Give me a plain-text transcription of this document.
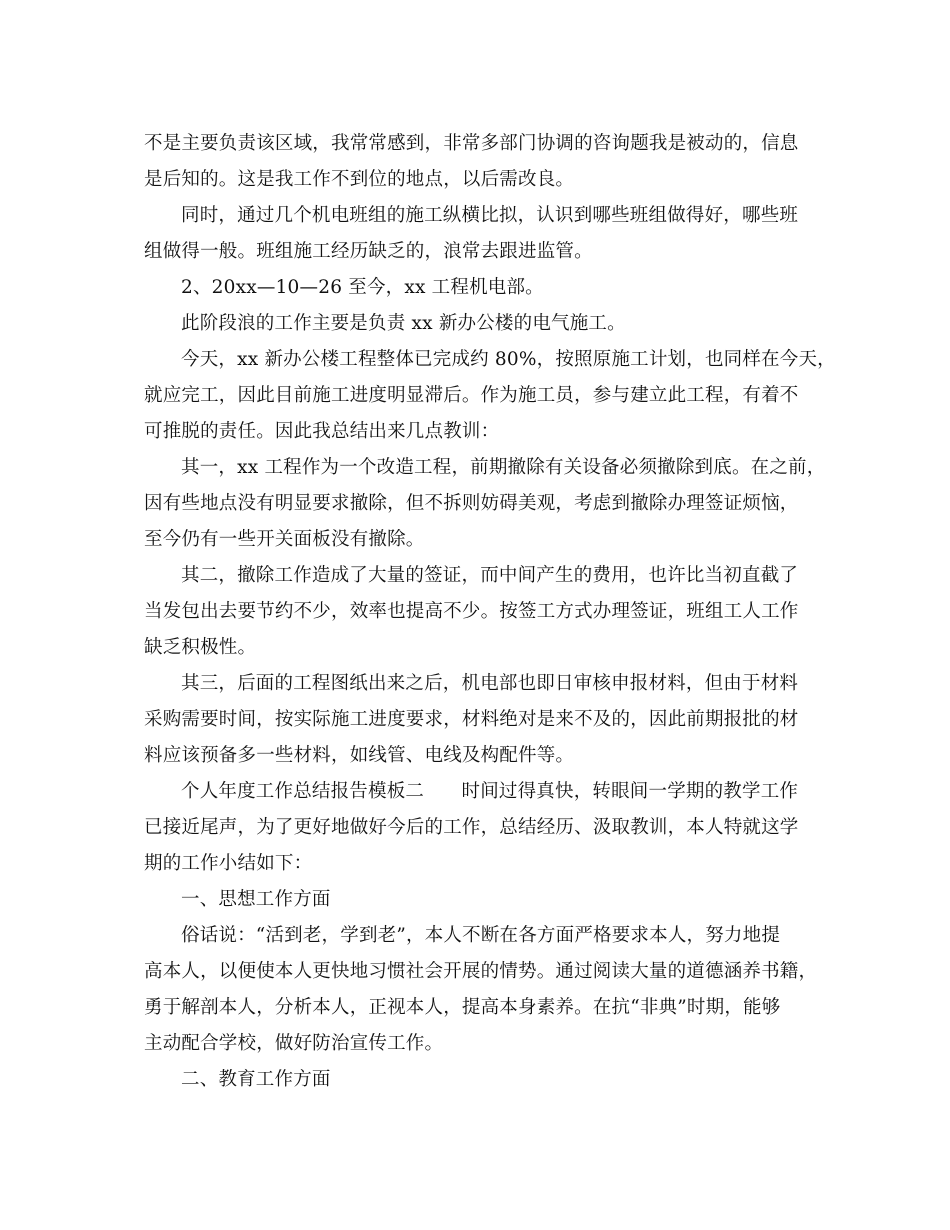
不是主要负责该区域，我常常感到，非常多部门协调的咨询题我是被动的，信息
是后知的。这是我工作不到位的地点，以后需改良。
同时，通过几个机电班组的施工纵横比拟，认识到哪些班组做得好，哪些班
组做得一般。班组施工经历缺乏的，浪常去跟进监管。
2、20xx—10—26 至今，xx 工程机电部。
此阶段浪的工作主要是负责 xx 新办公楼的电气施工。
今天，xx 新办公楼工程整体已完成约 80%，按照原施工计划，也同样在今天，
就应完工，因此目前施工进度明显滞后。作为施工员，参与建立此工程，有着不
可推脱的责任。因此我总结出来几点教训：
其一，xx 工程作为一个改造工程，前期撤除有关设备必须撤除到底。在之前，
因有些地点没有明显要求撤除，但不拆则妨碍美观，考虑到撤除办理签证烦恼，
至今仍有一些开关面板没有撤除。
其二，撤除工作造成了大量的签证，而中间产生的费用，也许比当初直截了
当发包出去要节约不少，效率也提高不少。按签工方式办理签证，班组工人工作
缺乏积极性。
其三，后面的工程图纸出来之后，机电部也即日审核申报材料，但由于材料
采购需要时间，按实际施工进度要求，材料绝对是来不及的，因此前期报批的材
料应该预备多一些材料，如线管、电线及构配件等。
个人年度工作总结报告模板二　　时间过得真快，转眼间一学期的教学工作
已接近尾声，为了更好地做好今后的工作，总结经历、汲取教训，本人特就这学
期的工作小结如下：
一、思想工作方面
俗话说：“活到老，学到老”，本人不断在各方面严格要求本人，努力地提
高本人，以便使本人更快地习惯社会开展的情势。通过阅读大量的道德涵养书籍，
勇于解剖本人，分析本人，正视本人，提高本身素养。在抗“非典”时期，能够
主动配合学校，做好防治宣传工作。
二、教育工作方面
